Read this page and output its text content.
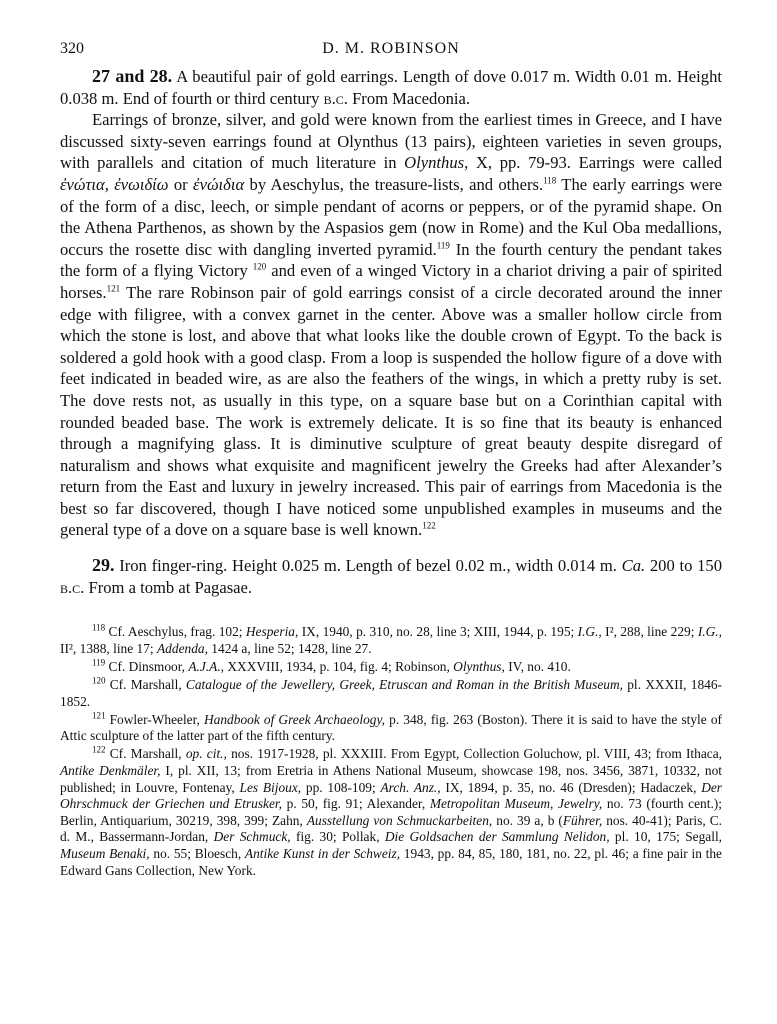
320	D. M. ROBINSON

27 and 28. A beautiful pair of gold earrings. Length of dove 0.017 m. Width 0.01 m. Height 0.038 m. End of fourth or third century b.c. From Macedonia.

Earrings of bronze, silver, and gold were known from the earliest times in Greece, and I have discussed sixty-seven earrings found at Olynthus (13 pairs), eighteen varieties in seven groups, with parallels and citation of much literature in Olynthus, X, pp. 79-93. Earrings were called ἐνώτια, ἐνωιδίω or ἐνώιδια by Aeschylus, the treasure-lists, and others.$^{118}$ The early earrings were of the form of a disc, leech, or simple pendant of acorns or peppers, or of the pyramid shape. On the Athena Parthenos, as shown by the Aspasios gem (now in Rome) and the Kul Oba medallions, occurs the rosette disc with dangling inverted pyramid.$^{119}$ In the fourth century the pendant takes the form of a flying Victory $^{120}$ and even of a winged Victory in a chariot driving a pair of spirited horses.$^{121}$ The rare Robinson pair of gold earrings consist of a circle decorated around the inner edge with filigree, with a convex garnet in the center. Above was a smaller hollow circle from which the stone is lost, and above that what looks like the double crown of Egypt. To the back is soldered a gold hook with a good clasp. From a loop is suspended the hollow figure of a dove with feet indicated in beaded wire, as are also the feathers of the wings, in which a pretty ruby is set. The dove rests not, as usually in this type, on a square base but on a Corinthian capital with rounded beaded base. The work is extremely delicate. It is so fine that its beauty is enhanced through a magnifying glass. It is diminutive sculpture of great beauty despite disregard of naturalism and shows what exquisite and magnificent jewelry the Greeks had after Alexander’s return from the East and luxury in jewelry increased. This pair of earrings from Macedonia is the best so far discovered, though I have noticed some unpublished examples in museums and the general type of a dove on a square base is well known.$^{122}$

29. Iron finger-ring. Height 0.025 m. Length of bezel 0.02 m., width 0.014 m. Ca. 200 to 150 b.c. From a tomb at Pagasae.

$^{118}$ Cf. Aeschylus, frag. 102; Hesperia, IX, 1940, p. 310, no. 28, line 3; XIII, 1944, p. 195; I.G., I², 288, line 229; I.G., II², 1388, line 17; Addenda, 1424 a, line 52; 1428, line 27.

$^{119}$ Cf. Dinsmoor, A.J.A., XXXVIII, 1934, p. 104, fig. 4; Robinson, Olynthus, IV, no. 410.

$^{120}$ Cf. Marshall, Catalogue of the Jewellery, Greek, Etruscan and Roman in the British Museum, pl. XXXII, 1846-1852.

$^{121}$ Fowler-Wheeler, Handbook of Greek Archaeology, p. 348, fig. 263 (Boston). There it is said to have the style of Attic sculpture of the latter part of the fifth century.

$^{122}$ Cf. Marshall, op. cit., nos. 1917-1928, pl. XXXIII. From Egypt, Collection Goluchow, pl. VIII, 43; from Ithaca, Antike Denkmäler, I, pl. XII, 13; from Eretria in Athens National Museum, showcase 198, nos. 3456, 3871, 10332, not published; in Louvre, Fontenay, Les Bijoux, pp. 108-109; Arch. Anz., IX, 1894, p. 35, no. 46 (Dresden); Hadaczek, Der Ohrschmuck der Griechen und Etrusker, p. 50, fig. 91; Alexander, Metropolitan Museum, Jewelry, no. 73 (fourth cent.); Berlin, Antiquarium, 30219, 398, 399; Zahn, Ausstellung von Schmuckarbeiten, no. 39 a, b (Führer, nos. 40-41); Paris, C. d. M., Bassermann-Jordan, Der Schmuck, fig. 30; Pollak, Die Goldsachen der Sammlung Nelidon, pl. 10, 175; Segall, Museum Benaki, no. 55; Bloesch, Antike Kunst in der Schweiz, 1943, pp. 84, 85, 180, 181, no. 22, pl. 46; a fine pair in the Edward Gans Collection, New York.
